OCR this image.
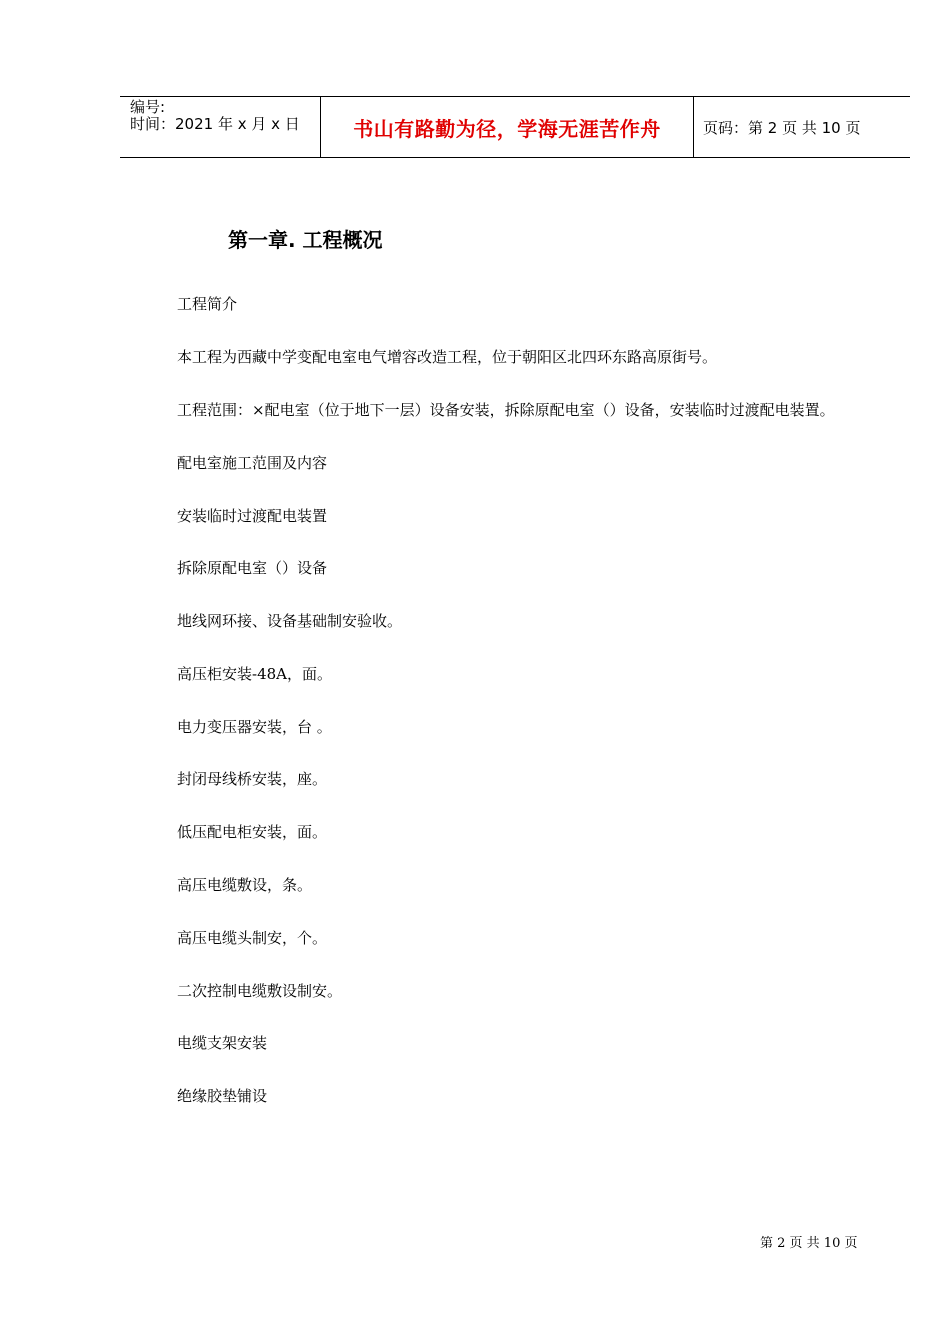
编号:
时间：2021 年 x 月 x 日	书山有路勤为径，学海无涯苦作舟	页码：第 2 页 共 10 页
第一章. 工程概况
工程简介
本工程为西藏中学变配电室电气增容改造工程，位于朝阳区北四环东路高原街号。
工程范围：×配电室（位于地下一层）设备安装，拆除原配电室（）设备，安装临时过渡配电装置。
配电室施工范围及内容
安装临时过渡配电装置
拆除原配电室（）设备
地线网环接、设备基础制安验收。
高压柜安装-48A，面。
电力变压器安装，台 。
封闭母线桥安装，座。
低压配电柜安装，面。
高压电缆敷设，条。
高压电缆头制安，个。
二次控制电缆敷设制安。
电缆支架安装
绝缘胶垫铺设
第 2 页 共 10 页
